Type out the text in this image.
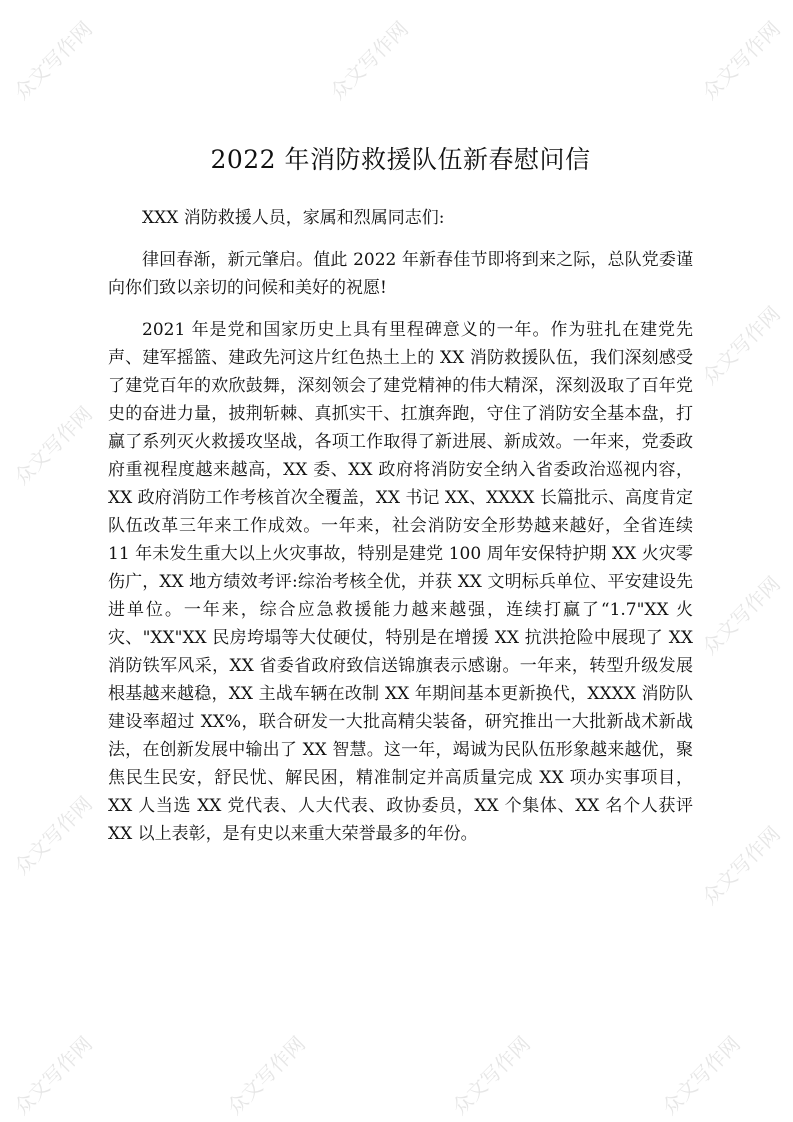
众文写作网	众文写作网	众文写作网
众文写作网
众文写作网
众文写作网
众文写作网	众文写作网
众文写作网	众文写作网	众文写作网	众文写作网
2022 年消防救援队伍新春慰问信

XXX 消防救援人员，家属和烈属同志们:

律回春渐，新元肇启。值此 2022 年新春佳节即将到来之际，总队党委谨向你们致以亲切的问候和美好的祝愿!

2021 年是党和国家历史上具有里程碑意义的一年。作为驻扎在建党先声、建军摇篮、建政先河这片红色热土上的 XX 消防救援队伍，我们深刻感受了建党百年的欢欣鼓舞，深刻领会了建党精神的伟大精深，深刻汲取了百年党史的奋进力量，披荆斩棘、真抓实干、扛旗奔跑，守住了消防安全基本盘，打赢了系列灭火救援攻坚战，各项工作取得了新进展、新成效。一年来，党委政府重视程度越来越高，XX 委、XX 政府将消防安全纳入省委政治巡视内容，XX 政府消防工作考核首次全覆盖，XX 书记 XX、XXXX 长篇批示、高度肯定队伍改革三年来工作成效。一年来，社会消防安全形势越来越好，全省连续 11 年未发生重大以上火灾事故，特别是建党 100 周年安保特护期 XX 火灾零伤广，XX 地方绩效考评:综治考核全优，并获 XX 文明标兵单位、平安建设先进单位。一年来，综合应急救援能力越来越强，连续打赢了“1.7"XX 火灾、"XX"XX 民房垮塌等大仗硬仗，特别是在增援 XX 抗洪抢险中展现了 XX 消防铁军风采，XX 省委省政府致信送锦旗表示感谢。一年来，转型升级发展根基越来越稳，XX 主战车辆在改制 XX 年期间基本更新换代，XXXX 消防队建设率超过 XX%，联合研发一大批高精尖装备，研究推出一大批新战术新战法，在创新发展中输出了 XX 智慧。这一年，竭诚为民队伍形象越来越优，聚焦民生民安，舒民忧、解民困，精准制定并高质量完成 XX 项办实事项目，XX 人当选 XX 党代表、人大代表、政协委员，XX 个集体、XX 名个人获评 XX 以上表彰，是有史以来重大荣誉最多的年份。
